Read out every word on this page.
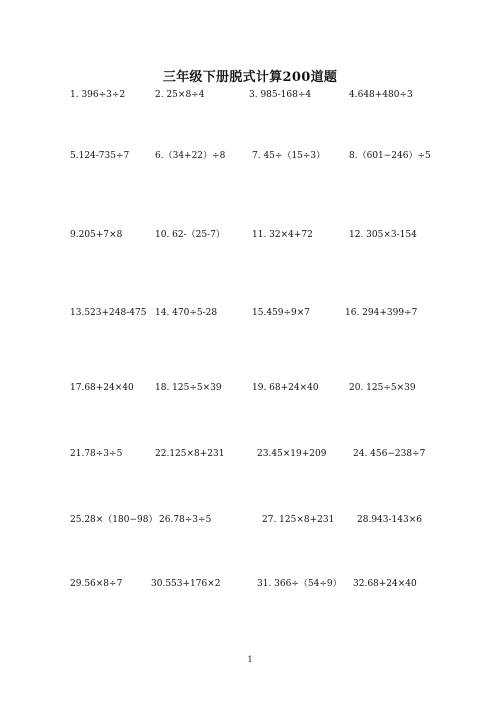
三年级下册脱式计算200道题
1. 396÷3÷2	2. 25×8÷4	3. 985-168÷4	4.648+480÷3
5.124-735÷7	6.（34+22）÷8	7. 45÷（15÷3）	8.（601−246）÷5
9.205+7×8	10. 62-（25-7）	11. 32×4+72	12. 305×3-154
13.523+248-475 14. 470÷5-28	15.459÷9×7	16. 294+399÷7
17.68+24×40 18. 125÷5×39	19. 68+24×40	20. 125÷5×39
21.78÷3÷5	22.125×8+231	23.45×19+209	24. 456−238÷7
25.28×（180−98） 26.78÷3÷5	27. 125×8+231	28.943-143×6
29.56×8÷7	30.553+176×2	31. 366÷（54÷9） 32.68+24×40
1
